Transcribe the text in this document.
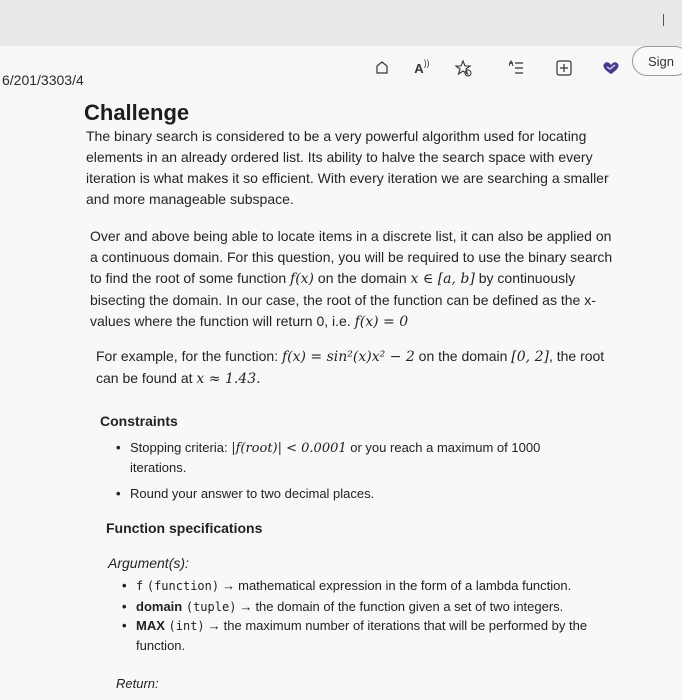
6/201/3303/4
A ))	Sign
Challenge
The binary search is considered to be a very powerful algorithm used for locating
elements in an already ordered list. Its ability to halve the search space with every
iteration is what makes it so efficient. With every iteration we are searching a smaller
and more manageable subspace.
Over and above being able to locate items in a discrete list, it can also be applied on
a continuous domain. For this question, you will be required to use the binary search
to find the root of some function f(x) on the domain x ∈ [a, b] by continuously
bisecting the domain. In our case, the root of the function can be defined as the x-
values where the function will return 0, i.e. f(x) = 0
For example, for the function: f(x) = sin²(x)x² − 2 on the domain [0, 2], the root
can be found at x ≈ 1.43.
Constraints
• Stopping criteria: |f(root)| < 0.0001 or you reach a maximum of 1000
iterations.
• Round your answer to two decimal places.
Function specifications
Argument(s):
• f (function) → mathematical expression in the form of a lambda function.
• domain (tuple) → the domain of the function given a set of two integers.
• MAX (int) → the maximum number of iterations that will be performed by the
function.
Return:
